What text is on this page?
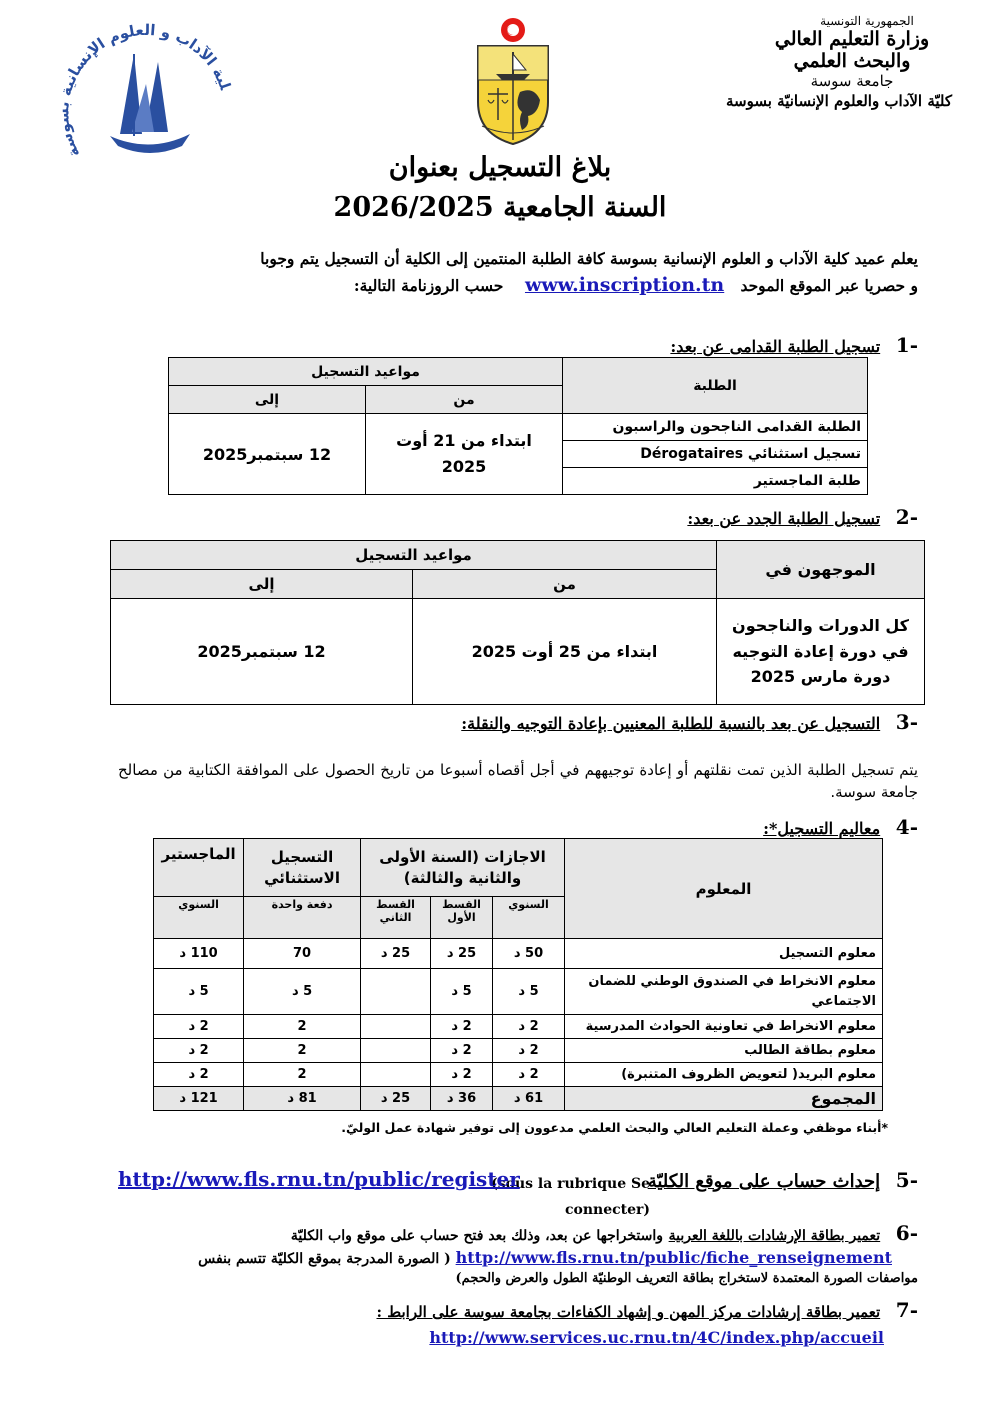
لية الآداب و العلوم الإنسانية بسوسة
الجمهورية التونسية
وزارة التعليم العالي
والبحث العلمي
جامعة سوسة
كليّة الآداب والعلوم الإنسانيّة بسوسة
بلاغ التسجيل بعنوان
السنة الجامعية 2026/2025
يعلم عميد كلية الآداب و العلوم الإنسانية بسوسة كافة الطلبة المنتمين إلى الكلية أن التسجيل يتم وجوبا
و حصريا عبر الموقع الموحد   www.inscription.tn    حسب الروزنامة التالية:
-1 تسجيل الطلبة القدامى عن بعد:
الطلبة	مواعيد التسجيل	
	من	إلى
الطلبة القدامى الناجحون والراسبون	ابتداء من 21 أوت 2025	12 سبتمبر2025
تسجيل استثنائي Dérogataires		
طلبة الماجستير		
-2 تسجيل الطلبة الجدد عن بعد:
الموجهون في	مواعيد التسجيل	
	من	إلى
كل الدورات والناجحون في دورة إعادة التوجيه دورة مارس 2025	ابتداء من 25 أوت 2025	12 سبتمبر2025
-3 التسجيل عن بعد بالنسبة للطلبة المعنيين بإعادة التوجيه والنقلة:
يتم تسجيل الطلبة الذين تمت نقلتهم أو إعادة توجيههم في أجل أقصاه أسبوعا من تاريخ الحصول على الموافقة الكتابية من مصالح جامعة سوسة.
-4 معاليم التسجيل*:
المعلوم	الاجازات (السنة الأولى والثانية والثالثة)			التسجيل الاستثنائي	الماجستير
	السنوي	القسط الأول	القسط الثاني	دفعة واحدة	السنوي
معلوم التسجيل	50 د	25 د	25 د	70	110 د
معلوم الانخراط في الصندوق الوطني للضمان الاجتماعي	5 د	5 د		5 د	5 د
معلوم الانخراط في تعاونية الحوادث المدرسية	2 د	2 د		2	2 د
معلوم بطاقة الطالب	2 د	2 د		2	2 د
معلوم البريد( لتعويض الظروف المتنبرة)	2 د	2 د		2	2 د
المجموع	61 د	36 د	25 د	81 د	121 د
*أبناء موظفي وعملة التعليم العالي والبحث العلمي مدعوون إلى توفير شهادة عمل الوليّ.
-5 إحداث حساب على موقع الكليّة
(sous la rubrique Se connecter)
http://www.fls.rnu.tn/public/register
-6 تعمير بطاقة الإرشادات باللغة العربية واستخراجها عن بعد، وذلك بعد فتح حساب على موقع واب الكليّة
http://www.fls.rnu.tn/public/fiche_renseignement ( الصورة المدرجة بموقع الكليّة تتسم بنفس
مواصفات الصورة المعتمدة لاستخراج بطاقة التعريف الوطنيّة الطول والعرض والحجم)
-7 تعمير بطاقة إرشادات مركز المهن و إشهاد الكفاءات بجامعة سوسة على الرابط :
http://www.services.uc.rnu.tn/4C/index.php/accueil
